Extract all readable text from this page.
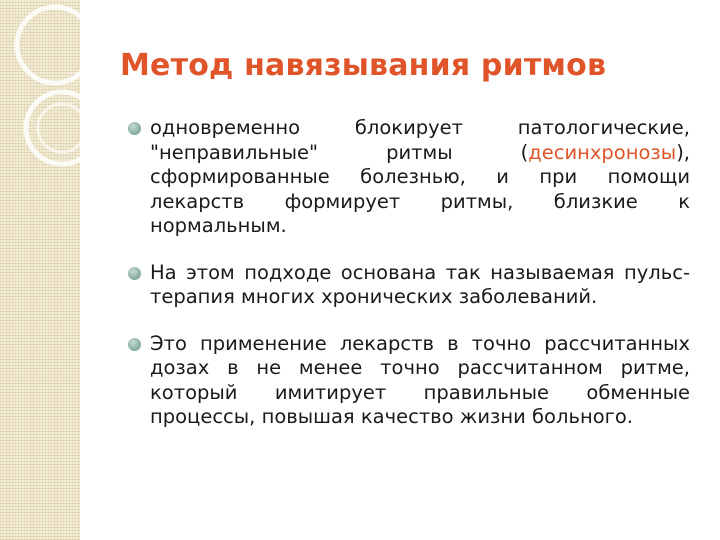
Метод навязывания ритмов
одновременно блокирует патологические, "неправильные" ритмы (десинхронозы), сформированные болезнью, и при помощи лекарств формирует ритмы, близкие к нормальным.
На этом подходе основана так называемая пульс-терапия многих хронических заболеваний.
Это применение лекарств в точно рассчитанных дозах в не менее точно рассчитанном ритме, который имитирует правильные обменные процессы, повышая качество жизни больного.
